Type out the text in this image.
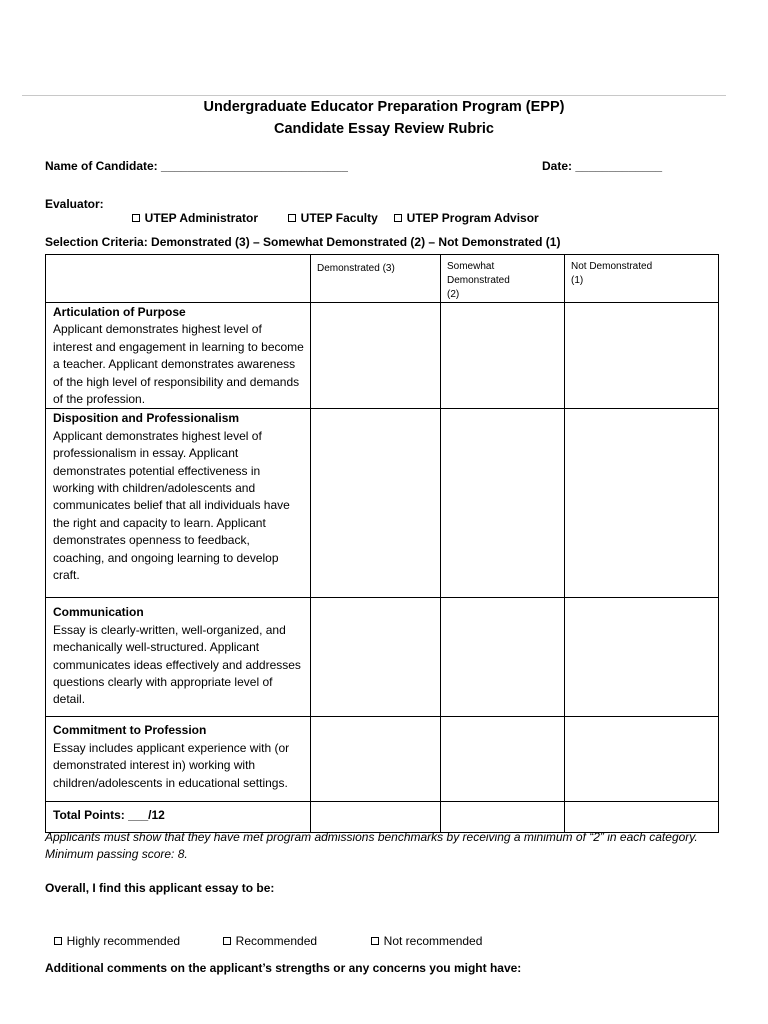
Undergraduate Educator Preparation Program (EPP)
Candidate Essay Review Rubric
Name of Candidate: ____________________________	Date: _____________
Evaluator:

UTEP Administrator	UTEP Faculty	UTEP Program Advisor

Selection Criteria: Demonstrated (3) – Somewhat Demonstrated (2) – Not Demonstrated (1)
	Demonstrated (3)	Somewhat
Demonstrated
(2)	Not Demonstrated
(1)

Articulation of Purpose
Applicant demonstrates highest level of interest and engagement in learning to become a teacher. Applicant demonstrates awareness of the high level of responsibility and demands of the profession.			

Disposition and Professionalism
Applicant demonstrates highest level of professionalism in essay. Applicant demonstrates potential effectiveness in working with children/adolescents and communicates belief that all individuals have the right and capacity to learn. Applicant demonstrates openness to feedback, coaching, and ongoing learning to develop craft.			

Communication
Essay is clearly-written, well-organized, and mechanically well-structured. Applicant communicates ideas effectively and addresses questions clearly with appropriate level of detail.			

Commitment to Profession
Essay includes applicant experience with (or demonstrated interest in) working with children/adolescents in educational settings.			
Total Points: ___/12			
Applicants must show that they have met program admissions benchmarks by receiving a minimum of “2” in each category. Minimum passing score: 8.
Overall, I find this applicant essay to be:

Highly recommended	Recommended	Not recommended

Additional comments on the applicant’s strengths or any concerns you might have:
